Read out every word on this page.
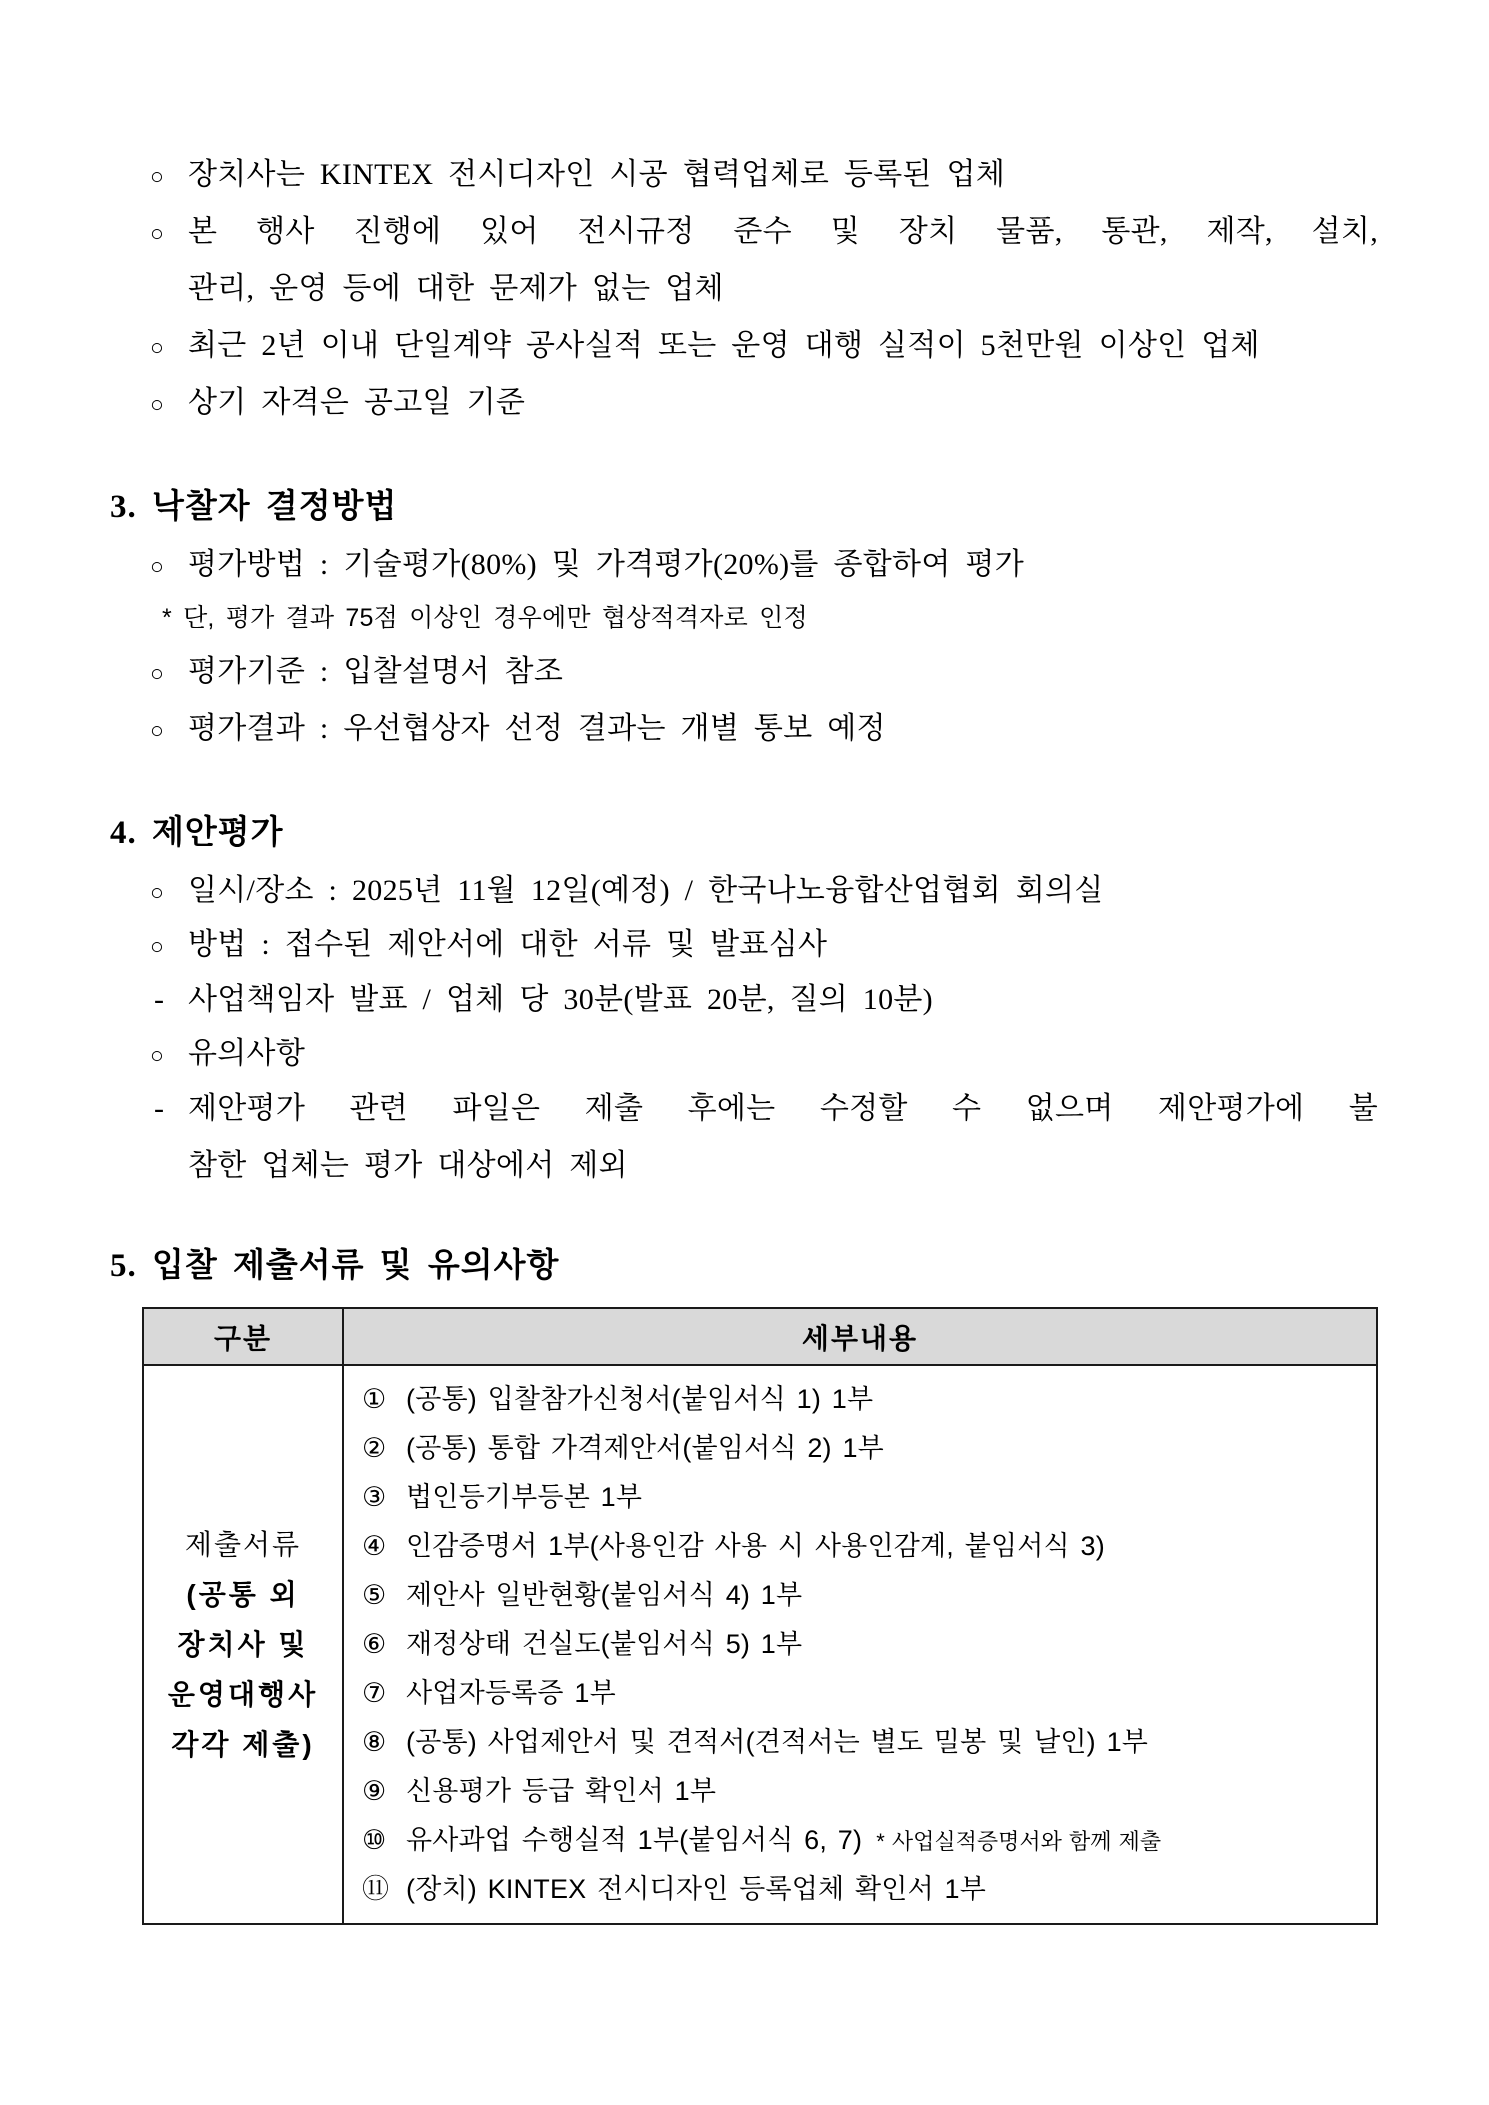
○ 장치사는 KINTEX 전시디자인 시공 협력업체로 등록된 업체
○ 본 행사 진행에 있어 전시규정 준수 및 장치 물품, 통관, 제작, 설치,
관리, 운영 등에 대한 문제가 없는 업체
○ 최근 2년 이내 단일계약 공사실적 또는 운영 대행 실적이 5천만원 이상인 업체
○ 상기 자격은 공고일 기준
3. 낙찰자 결정방법
○ 평가방법 : 기술평가(80%) 및 가격평가(20%)를 종합하여 평가
* 단, 평가 결과 75점 이상인 경우에만 협상적격자로 인정
○ 평가기준 : 입찰설명서 참조
○ 평가결과 : 우선협상자 선정 결과는 개별 통보 예정
4. 제안평가
○ 일시/장소 : 2025년 11월 12일(예정) / 한국나노융합산업협회 회의실
○ 방법 : 접수된 제안서에 대한 서류 및 발표심사
- 사업책임자 발표 / 업체 당 30분(발표 20분, 질의 10분)
○ 유의사항
- 제안평가 관련 파일은 제출 후에는 수정할 수 없으며 제안평가에 불
참한 업체는 평가 대상에서 제외
5. 입찰 제출서류 및 유의사항
구분	세부내용

제출서류
(공통 외
장치사 및
운영대행사
각각 제출)

① (공통) 입찰참가신청서(붙임서식 1) 1부
② (공통) 통합 가격제안서(붙임서식 2) 1부
③ 법인등기부등본 1부
④ 인감증명서 1부(사용인감 사용 시 사용인감계, 붙임서식 3)
⑤ 제안사 일반현황(붙임서식 4) 1부
⑥ 재정상태 건실도(붙임서식 5) 1부
⑦ 사업자등록증 1부
⑧ (공통) 사업제안서 및 견적서(견적서는 별도 밀봉 및 날인) 1부
⑨ 신용평가 등급 확인서 1부
⑩ 유사과업 수행실적 1부(붙임서식 6, 7) * 사업실적증명서와 함께 제출
⑪ (장치) KINTEX 전시디자인 등록업체 확인서 1부
